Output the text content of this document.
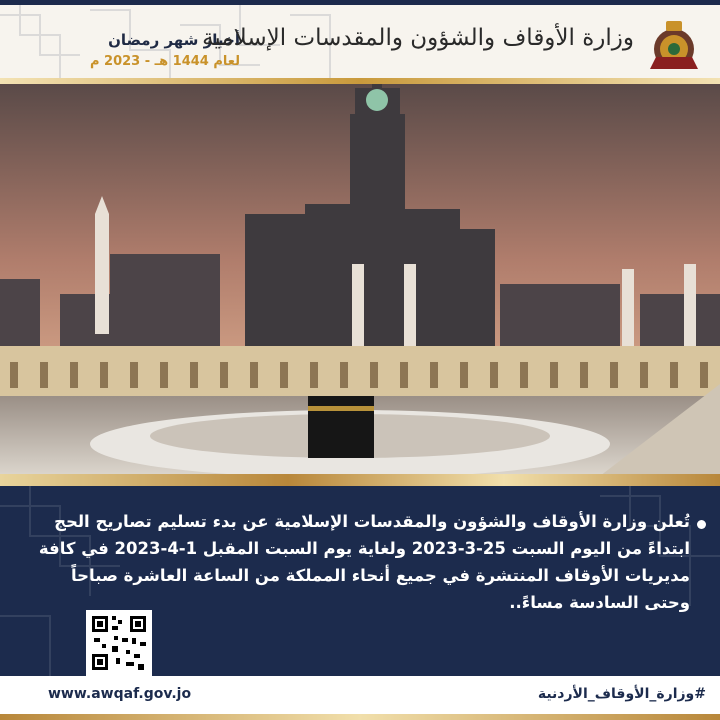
أخبار شهر رمضان
لعام 1444 هـ - 2023 م
وزارة الأوقاف والشؤون والمقدسات الإسلامية
تُعلن وزارة الأوقاف والشؤون والمقدسات الإسلامية عن بدء تسليم تصاريح الحج ابتداءً من اليوم السبت 25-3-2023 ولغاية يوم السبت المقبل 1-4-2023 في كافة مديريات الأوقاف المنتشرة في جميع أنحاء المملكة من الساعة العاشرة صباحاً وحتى السادسة مساءً..
www.awqaf.gov.jo	#وزارة_الأوقاف_الأردنية
